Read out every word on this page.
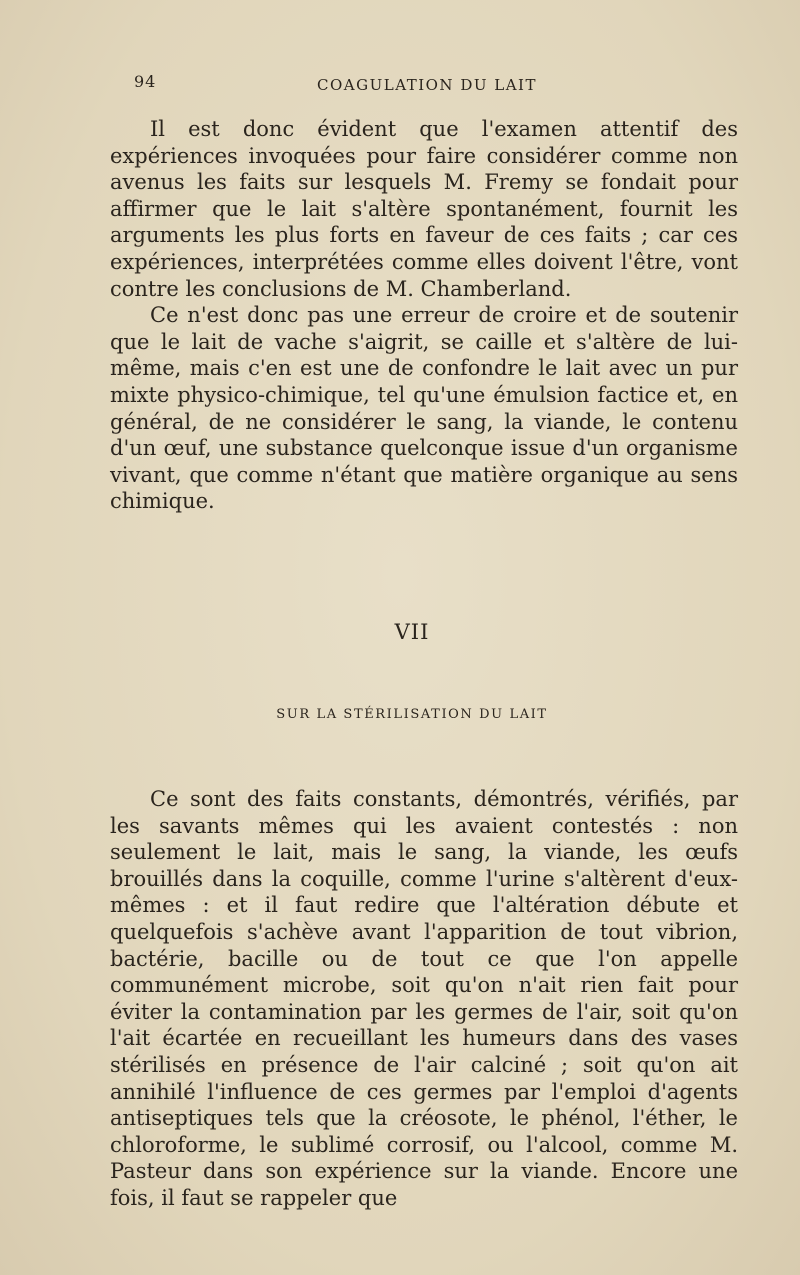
94	COAGULATION DU LAIT

Il est donc évident que l'examen attentif des expériences invoquées pour faire considérer comme non avenus les faits sur lesquels M. Fremy se fondait pour affirmer que le lait s'altère spontanément, fournit les arguments les plus forts en faveur de ces faits ; car ces expériences, interprétées comme elles doivent l'être, vont contre les conclusions de M. Chamberland.

Ce n'est donc pas une erreur de croire et de soutenir que le lait de vache s'aigrit, se caille et s'altère de lui-même, mais c'en est une de confondre le lait avec un pur mixte physico-chimique, tel qu'une émulsion factice et, en général, de ne considérer le sang, la viande, le contenu d'un œuf, une substance quelconque issue d'un organisme vivant, que comme n'étant que matière organique au sens chimique.

VII
SUR LA STÉRILISATION DU LAIT

Ce sont des faits constants, démontrés, vérifiés, par les savants mêmes qui les avaient contestés : non seulement le lait, mais le sang, la viande, les œufs brouillés dans la coquille, comme l'urine s'altèrent d'eux-mêmes : et il faut redire que l'altération débute et quelquefois s'achève avant l'apparition de tout vibrion, bactérie, bacille ou de tout ce que l'on appelle communément microbe, soit qu'on n'ait rien fait pour éviter la contamination par les germes de l'air, soit qu'on l'ait écartée en recueillant les humeurs dans des vases stérilisés en présence de l'air calciné ; soit qu'on ait annihilé l'influence de ces germes par l'emploi d'agents antiseptiques tels que la créosote, le phénol, l'éther, le chloroforme, le sublimé corrosif, ou l'alcool, comme M. Pasteur dans son expérience sur la viande. Encore une fois, il faut se rappeler que
